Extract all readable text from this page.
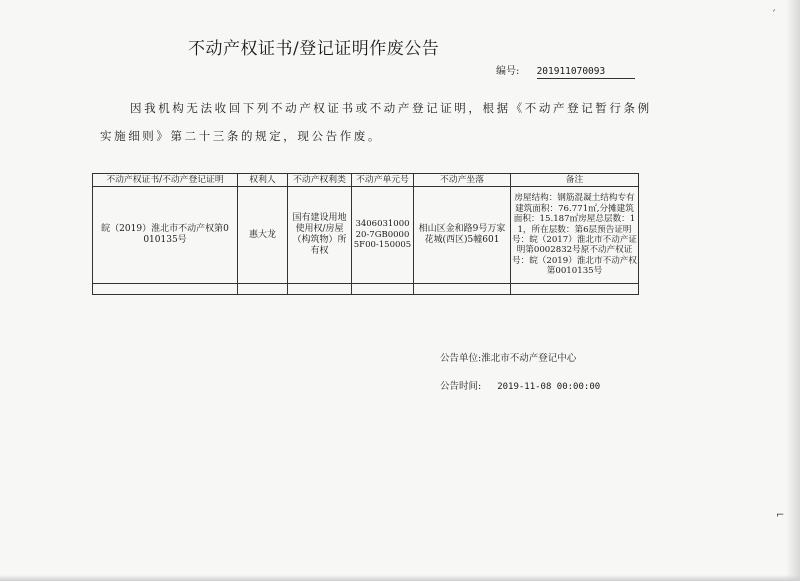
不动产权证书/登记证明作废公告
编号: 201911070093
因我机构无法收回下列不动产权证书或不动产登记证明，根据《不动产登记暂行条例
实施细则》第二十三条的规定，现公告作废。
不动产权证书/不动产登记证明	权利人	不动产权利类	不动产单元号	不动产坐落	备注
皖（2019）淮北市不动产权第0010135号	惠大龙	国有建设用地使用权/房屋（构筑物）所有权	340603100020-7GB00005F00-150005	相山区金和路9号万家花城(西区)5幢601	房屋结构：钢筋混凝土结构专有建筑面积：76.771㎡,分摊建筑面积：15.187㎡房屋总层数：11，所在层数：第6层预告证明号：皖（2017）淮北市不动产证明第0002832号原不动产权证号：皖（2019）淮北市不动产权第0010135号

公告单位:淮北市不动产登记中心
公告时间: 2019-11-08 00:00:00
´
⌐
